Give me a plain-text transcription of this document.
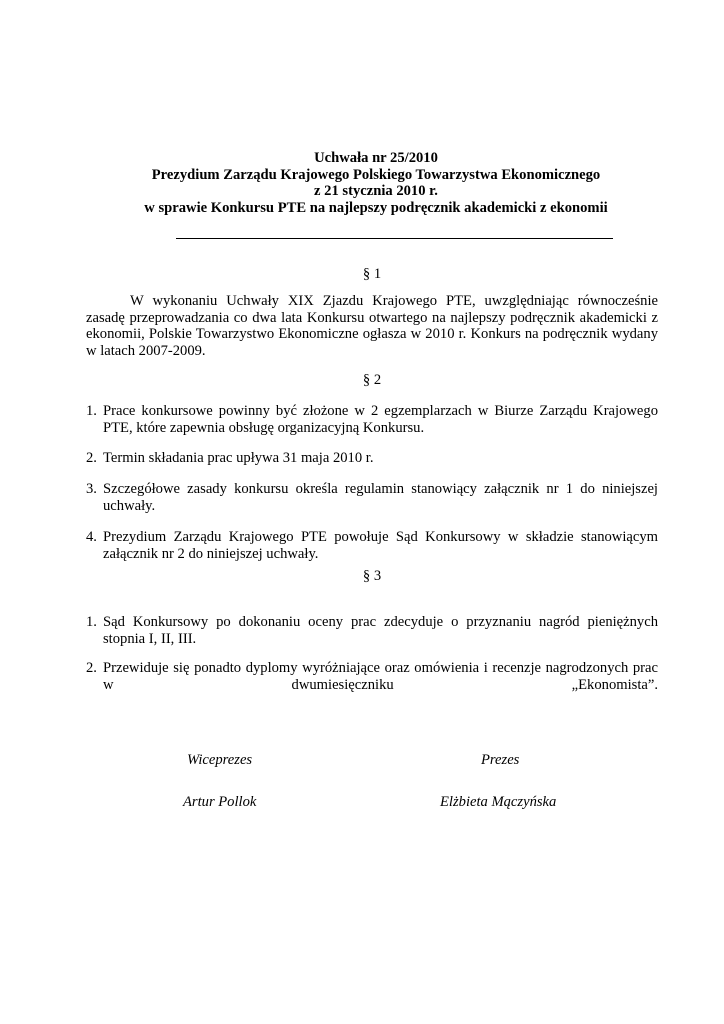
Uchwała nr 25/2010
Prezydium Zarządu Krajowego Polskiego Towarzystwa Ekonomicznego
z 21 stycznia 2010 r.
w sprawie Konkursu PTE na najlepszy podręcznik akademicki z ekonomii
§ 1
W wykonaniu Uchwały XIX Zjazdu Krajowego PTE, uwzględniając równocześnie zasadę przeprowadzania co dwa lata Konkursu otwartego na najlepszy podręcznik akademicki z ekonomii, Polskie Towarzystwo Ekonomiczne ogłasza w 2010 r. Konkurs na podręcznik wydany w latach 2007-2009.
§ 2
1. Prace konkursowe powinny być złożone w 2 egzemplarzach w Biurze Zarządu Krajowego PTE, które zapewnia obsługę organizacyjną Konkursu.
2. Termin składania prac upływa 31 maja 2010 r.
3. Szczegółowe zasady konkursu określa regulamin stanowiący załącznik nr 1 do niniejszej uchwały.
4. Prezydium Zarządu Krajowego PTE powołuje Sąd Konkursowy w składzie stanowiącym załącznik nr 2 do niniejszej uchwały.
§ 3
1. Sąd Konkursowy po dokonaniu oceny prac zdecyduje o przyznaniu nagród pieniężnych stopnia I, II, III.
2. Przewiduje się ponadto dyplomy wyróżniające oraz omówienia i recenzje nagrodzonych prac w dwumiesięczniku „Ekonomista”.
Wiceprezes	Prezes
Artur Pollok	Elżbieta Mączyńska
